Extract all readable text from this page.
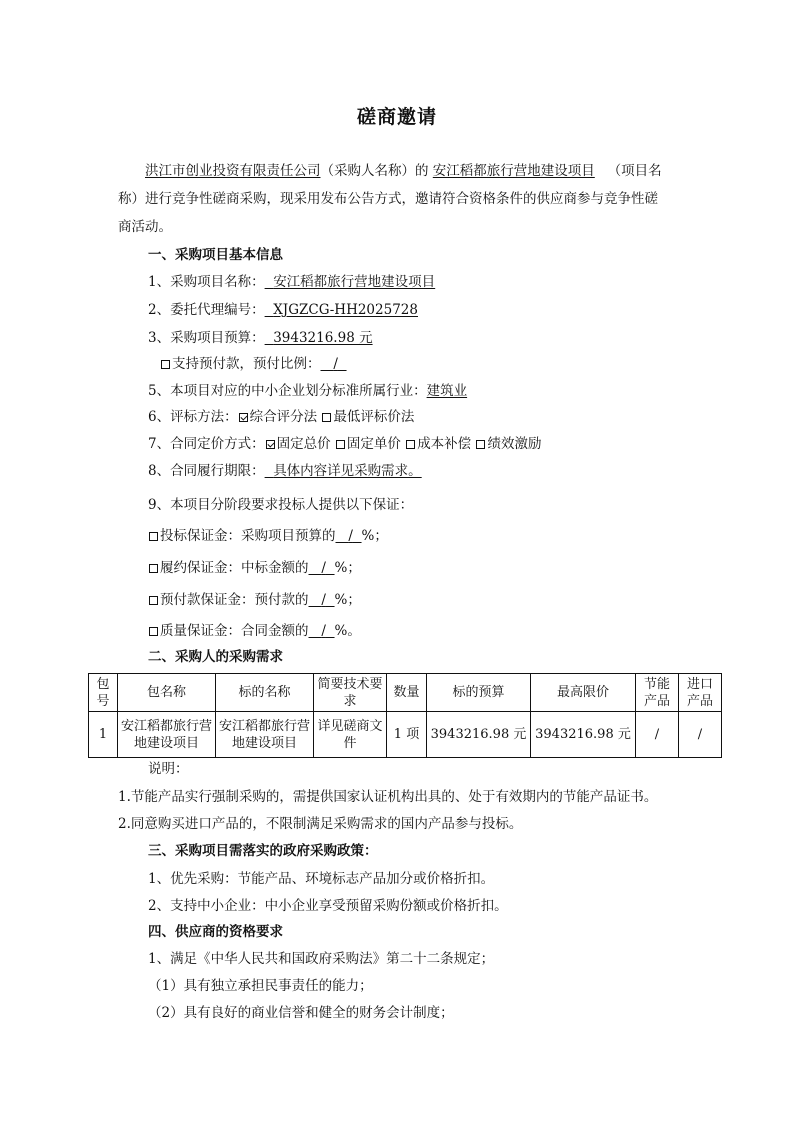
磋商邀请
洪江市创业投资有限责任公司（采购人名称）的 安江稻都旅行营地建设项目 （项目名
称）进行竞争性磋商采购，现采用发布公告方式，邀请符合资格条件的供应商参与竞争性磋
商活动。
一、采购项目基本信息
1、采购项目名称： 安江稻都旅行营地建设项目
2、委托代理编号： XJGZCG-HH2025728
3、采购项目预算： 3943216.98 元
支持预付款，预付比例： /
5、本项目对应的中小企业划分标准所属行业：建筑业
6、评标方法： 综合评分法 最低评标价法
7、合同定价方式： 固定总价 固定单价 成本补偿 绩效激励
8、合同履行期限： 具体内容详见采购需求。
9、本项目分阶段要求投标人提供以下保证：
投标保证金：采购项目预算的 / %；
履约保证金：中标金额的 / %；
预付款保证金：预付款的 / %；
质量保证金：合同金额的 / %。
二、采购人的采购需求
包号	包名称	标的名称	简要技术要求	数量	标的预算	最高限价	节能产品	进口产品
1	安江稻都旅行营地建设项目	安江稻都旅行营地建设项目	详见磋商文件	1 项	3943216.98 元	3943216.98 元	/	/
说明：
1.节能产品实行强制采购的，需提供国家认证机构出具的、处于有效期内的节能产品证书。
2.同意购买进口产品的，不限制满足采购需求的国内产品参与投标。
三、采购项目需落实的政府采购政策：
1、优先采购：节能产品、环境标志产品加分或价格折扣。
2、支持中小企业：中小企业享受预留采购份额或价格折扣。
四、供应商的资格要求
1、满足《中华人民共和国政府采购法》第二十二条规定；
（1）具有独立承担民事责任的能力；
（2）具有良好的商业信誉和健全的财务会计制度；
